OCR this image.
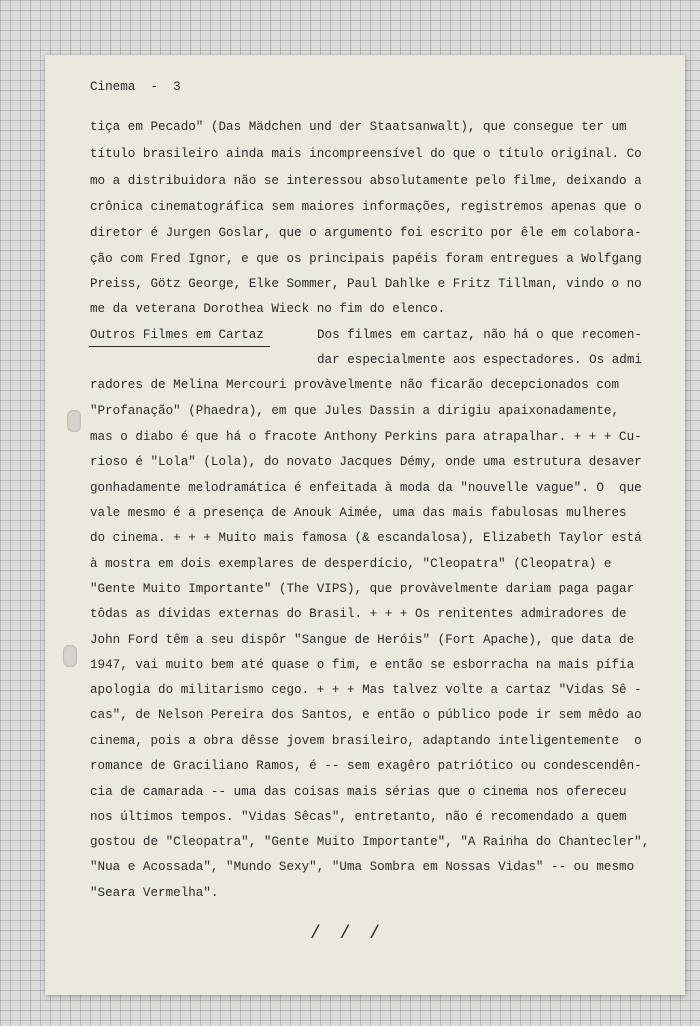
Cinema  -  3
tiça em Pecado" (Das Mädchen und der Staatsanwalt), que consegue ter um
título brasileiro ainda mais incompreensível do que o título original. Co
mo a distribuidora não se interessou absolutamente pelo filme, deixando a
crônica cinematográfica sem maiores informações, registremos apenas que o
diretor é Jurgen Goslar, que o argumento foi escrito por êle em colabora-
ção com Fred Ignor, e que os principais papéis foram entregues a Wolfgang
Preiss, Götz George, Elke Sommer, Paul Dahlke e Fritz Tillman, vindo o no
me da veterana Dorothea Wieck no fim do elenco.
Outros Filmes em Cartaz	Dos filmes em cartaz, não há o que recomen-
dar especialmente aos espectadores. Os admi
radores de Melina Mercouri provàvelmente não ficarão decepcionados com
"Profanação" (Phaedra), em que Jules Dassin a dirigiu apaixonadamente,
mas o diabo é que há o fracote Anthony Perkins para atrapalhar. + + + Cu-
rioso é "Lola" (Lola), do novato Jacques Démy, onde uma estrutura desaver
gonhadamente melodramática é enfeitada à moda da "nouvelle vague". O  que
vale mesmo é a presença de Anouk Aimée, uma das mais fabulosas mulheres
do cinema. + + + Muito mais famosa (& escandalosa), Elizabeth Taylor está
à mostra em dois exemplares de desperdício, "Cleopatra" (Cleopatra) e
"Gente Muito Importante" (The VIPS), que provàvelmente dariam paga pagar
tôdas as dívidas externas do Brasil. + + + Os renitentes admiradores de
John Ford têm a seu dispôr "Sangue de Heróis" (Fort Apache), que data de
1947, vai muito bem até quase o fim, e então se esborracha na mais pífia
apologia do militarismo cego. + + + Mas talvez volte a cartaz "Vidas Sê -
cas", de Nelson Pereira dos Santos, e então o público pode ir sem mêdo ao
cinema, pois a obra dêsse jovem brasileiro, adaptando inteligentemente  o
romance de Graciliano Ramos, é -- sem exagêro patriótico ou condescendên-
cia de camarada -- uma das coisas mais sérias que o cinema nos ofereceu
nos últimos tempos. "Vidas Sêcas", entretanto, não é recomendado a quem
gostou de "Cleopatra", "Gente Muito Importante", "A Rainha do Chantecler",
"Nua e Acossada", "Mundo Sexy", "Uma Sombra em Nossas Vidas" -- ou mesmo
"Seara Vermelha".
/ / /
